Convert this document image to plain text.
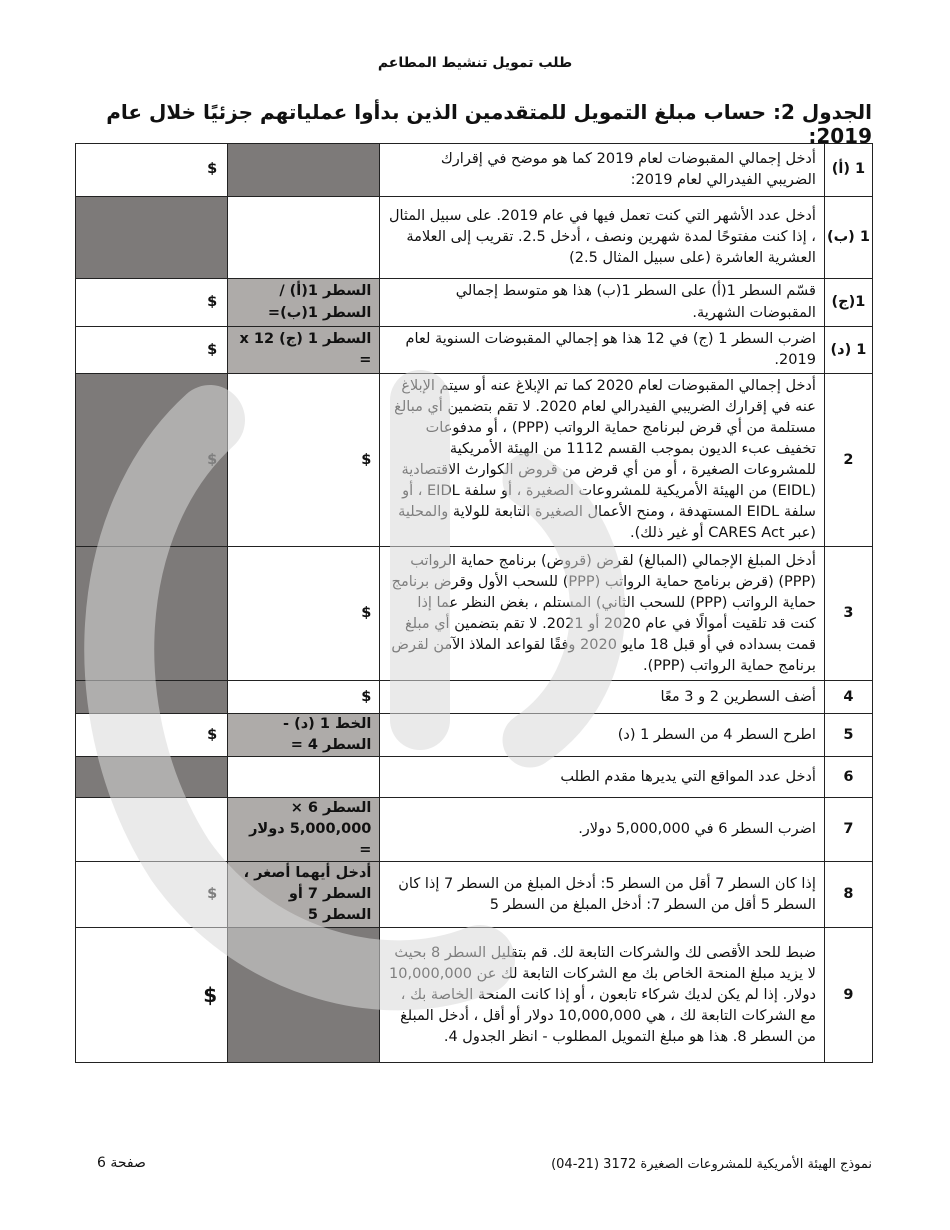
طلب تمويل تنشيط المطاعم
الجدول 2: حساب مبلغ التمويل للمتقدمين الذين بدأوا عملياتهم جزئيًا خلال عام 2019:
$		أدخل إجمالي المقبوضات لعام 2019 كما هو موضح في إقرارك الضريبي الفيدرالي لعام 2019:	1 (أ)
		أدخل عدد الأشهر التي كنت تعمل فيها في عام 2019. على سبيل المثال ، إذا كنت مفتوحًا لمدة شهرين ونصف ، أدخل 2.5. تقريب إلى العلامة العشرية العاشرة (على سبيل المثال 2.5)	1 (ب)
$	السطر 1(أ) / السطر 1(ب)=	قسّم السطر 1(أ) على السطر 1(ب) هذا هو متوسط إجمالي المقبوضات الشهرية.	1(ج)
$	السطر 1 (ج) x 12 =	اضرب السطر 1 (ج) في 12 هذا هو إجمالي المقبوضات السنوية لعام 2019.	1 (د)
$	$	أدخل إجمالي المقبوضات لعام 2020 كما تم الإبلاغ عنه أو سيتم الإبلاغ عنه في إقرارك الضريبي الفيدرالي لعام 2020. لا تقم بتضمين أي مبالغ مستلمة من أي قرض لبرنامج حماية الرواتب (PPP) ، أو مدفوعات تخفيف عبء الديون بموجب القسم 1112 من الهيئة الأمريكية للمشروعات الصغيرة ، أو من أي قرض من قروض الكوارث الاقتصادية (EIDL) من الهيئة الأمريكية للمشروعات الصغيرة ، أو سلفة EIDL ، أو سلفة EIDL المستهدفة ، ومنح الأعمال الصغيرة التابعة للولاية والمحلية (عبر CARES Act أو غير ذلك).	2
	$	أدخل المبلغ الإجمالي (المبالغ) لقرض (قروض) برنامج حماية الرواتب (PPP) (قرض برنامج حماية الرواتب (PPP) للسحب الأول وقرض برنامج حماية الرواتب (PPP) للسحب الثاني) المستلم ، بغض النظر عما إذا كنت قد تلقيت أموالًا في عام 2020 أو 2021. لا تقم بتضمين أي مبلغ قمت بسداده في أو قبل 18 مايو 2020 وفقًا لقواعد الملاذ الآمن لقرض برنامج حماية الرواتب (PPP).	3
	$	أضف السطرين 2 و 3 معًا	4
$	الخط 1 (د) - السطر 4 =	اطرح السطر 4 من السطر 1 (د)	5
		أدخل عدد المواقع التي يديرها مقدم الطلب	6
	السطر 6 × 5,000,000 دولار =	اضرب السطر 6 في 5,000,000 دولار.	7
$	أدخل أيهما أصغر ، السطر 7 أو السطر 5	إذا كان السطر 7 أقل من السطر 5: أدخل المبلغ من السطر 7 إذا كان السطر 5 أقل من السطر 7: أدخل المبلغ من السطر 5	8
$		ضبط للحد الأقصى لك والشركات التابعة لك. قم بتقليل السطر 8 بحيث لا يزيد مبلغ المنحة الخاص بك مع الشركات التابعة لك عن 10,000,000 دولار. إذا لم يكن لديك شركاء تابعون ، أو إذا كانت المنحة الخاصة بك ، مع الشركات التابعة لك ، هي 10,000,000 دولار أو أقل ، أدخل المبلغ من السطر 8. هذا هو مبلغ التمويل المطلوب - انظر الجدول 4.	9
صفحة 6	نموذج الهيئة الأمريكية للمشروعات الصغيرة 3172 (21-04)
